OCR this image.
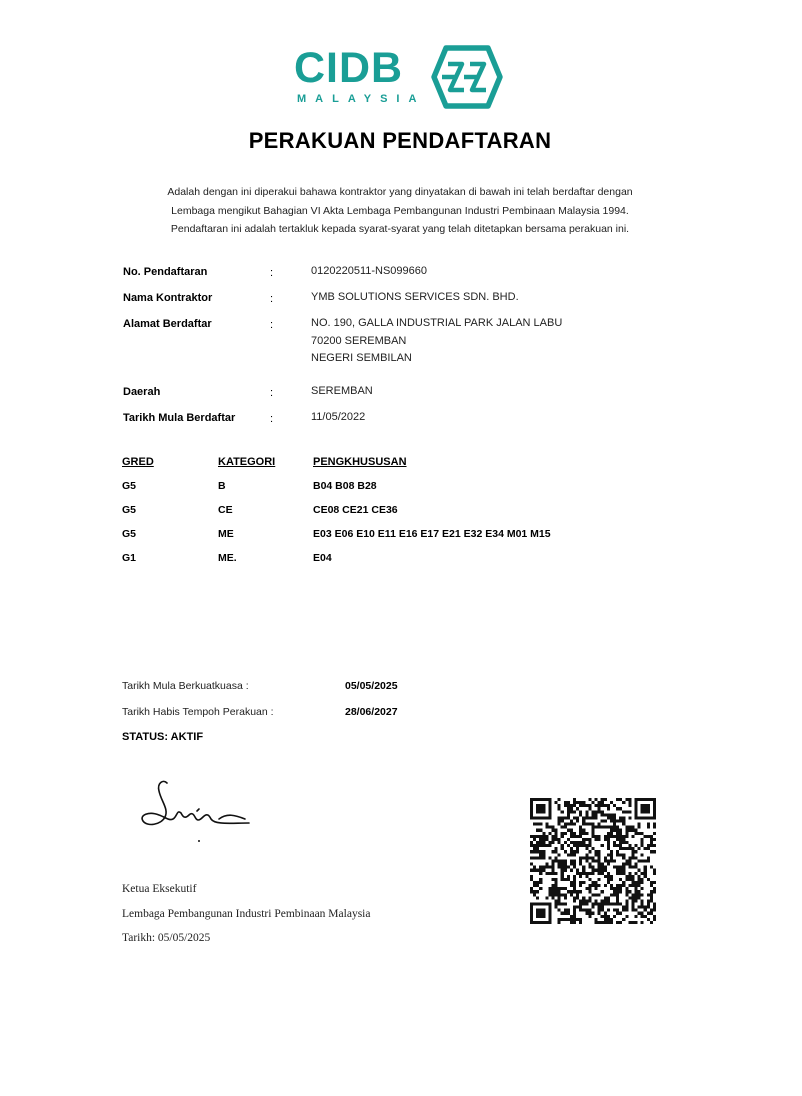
CIDB
MALAYSIA
PERAKUAN PENDAFTARAN
Adalah dengan ini diperakui bahawa kontraktor yang dinyatakan di bawah ini telah berdaftar dengan
Lembaga mengikut Bahagian VI Akta Lembaga Pembangunan Industri Pembinaan Malaysia 1994.
Pendaftaran ini adalah tertakluk kepada syarat-syarat yang telah ditetapkan bersama perakuan ini.
No. Pendaftaran	:	0120220511-NS099660
Nama Kontraktor	:	YMB SOLUTIONS SERVICES SDN. BHD.
Alamat Berdaftar	:	NO. 190, GALLA INDUSTRIAL PARK JALAN LABU
70200 SEREMBAN
NEGERI SEMBILAN
Daerah	:	SEREMBAN
Tarikh Mula Berdaftar	:	11/05/2022
GRED	KATEGORI	PENGKHUSUSAN
G5	B	B04 B08 B28
G5	CE	CE08 CE21 CE36
G5	ME	E03 E06 E10 E11 E16 E17 E21 E32 E34 M01 M15
G1	ME.	E04
Tarikh Mula Berkuatkuasa :	05/05/2025
Tarikh Habis Tempoh Perakuan :	28/06/2027
STATUS: AKTIF
Ketua Eksekutif
Lembaga Pembangunan Industri Pembinaan Malaysia
Tarikh: 05/05/2025
